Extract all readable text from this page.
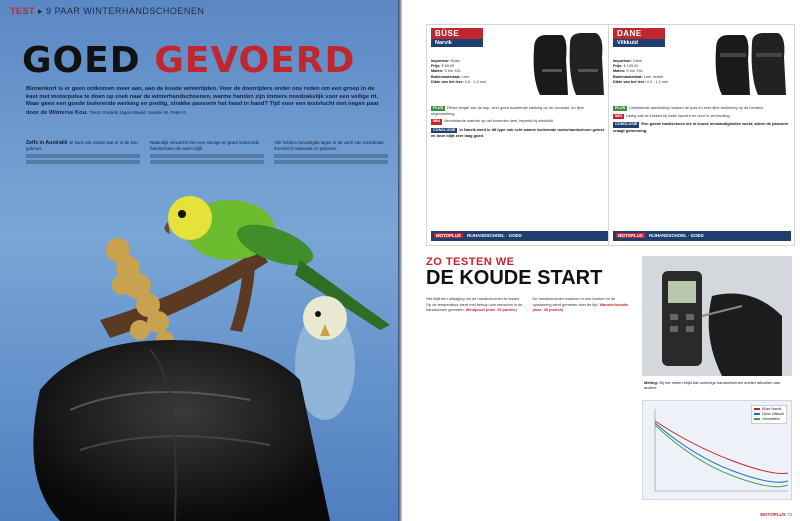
TEST ▸ 9 PAAR WINTERHANDSCHOENEN
GOED GEVOERD
Binnenkort is er geen ontkomen meer aan, aan de koude wintertijden. Voor de doorrijders onder ons reden om een groep in de kast met motorpulse te doen op zoek naar de winterhandschoenen, warme handen zijn immers noodzakelijk voor een veilige rit. Maar geen een goede isolerende werking en prettig, strakke pasvorm het hand in hand? Tijd voor een testvlucht met negen paar door de Winterse Kou. Tekst: Roderik Jagers Beeld: Sander W. Peter H.
Zelfs in Australië Je kunt ook vinden wat er in de kou gebeurt.
Natuurlijk verwacht men een stevige en goed isolerende handschoen die warm blijft.
Alle hebben bevestigde lagen in de vorm van membraan, thermisch materiaal en pasvorm.
BÜSE
Narvik
Importeur: Büse
Prijs: € 69,99
Maten: S t/m XXL
Buitenmateriaal: Leer
Dikte van het leer: 0,8 - 1,0 mm

PLUS Flinke lengte van de kap, zeer goed isolerende werking op de voorkant, en fijne regenwerking.

MIN Verminderde warmte op het bovenste deel, beperkt bij windchill.

CONCLUSIE In Narvik werd in dit type ook echt warme isolerende motorhandschoen getest en deze blijft zeer lang goed.

MOTOPLUS RIJHANDSCHOEL · GOED
DANE
Vilkkuld
Importeur: Dane
Prijs: € 139,00
Maten: S t/m XXL
Buitenmateriaal: Leer, textiel
Dikte van het leer: 0,9 - 1,2 mm

PLUS Uitstekende aansluiting rondom de pols en zeer fijne bediening op de hendels.

MIN Lastig aan te trekken bij natte handen en duur in verhouding.

CONCLUSIE Een goede handschoen die in koude omstandigheden werkt, alleen de pasvorm vraagt gewenning.

MOTOPLUS RIJHANDSCHOEL · GOED
ZO TESTEN WE
DE KOUDE START
Het blijft een uitdaging om de handschoenen te testen. Op de temperatuur werd met behulp van sensoren in de handschoen gemeten. Windproef (max. 25 punten)
De handschoenen kwamen in een koelcel en de opwarming werd gemeten over de tijd. Warmte/isolatie (max. 30 punten)
Meting: Bij het meten blijkt dat sommige handschoenen sneller afkoelen dan andere.
Büse Narvik
Dane Vilkkuld
Gemiddeld
MOTOPLUS 73
